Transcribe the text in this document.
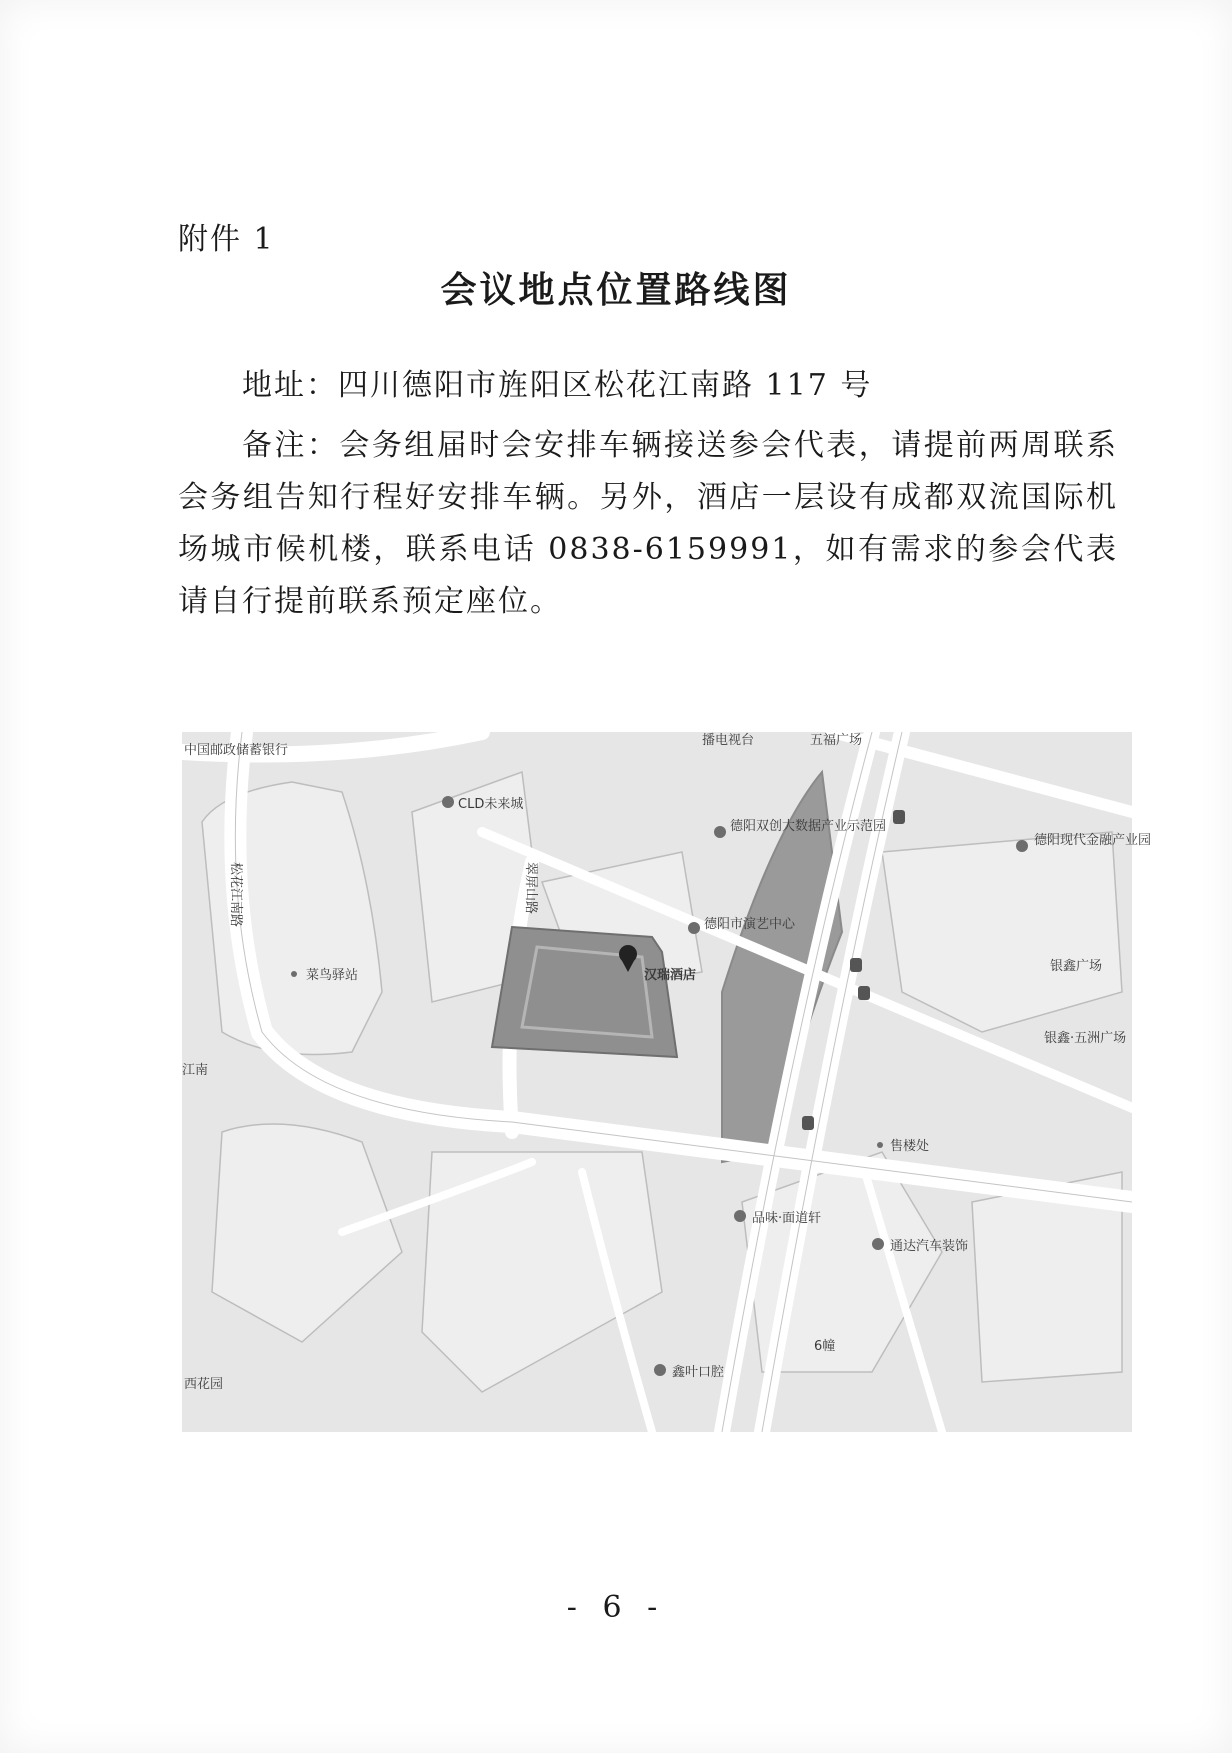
附件 1
会议地点位置路线图
地址：四川德阳市旌阳区松花江南路 117 号
备注：会务组届时会安排车辆接送参会代表，请提前两周联系会务组告知行程好安排车辆。另外，酒店一层设有成都双流国际机场城市候机楼，联系电话 0838-6159991，如有需求的参会代表请自行提前联系预定座位。
汉瑞酒店
中国邮政储蓄银行
CLD未来城
播电视台	五福广场
德阳双创大数据产业示范园
德阳现代金融产业园
松花江南路	翠屏山路
德阳市演艺中心
菜鸟驿站
银鑫广场
银鑫·五洲广场
江南
售楼处
品味·面道轩
通达汽车装饰
6幢
鑫叶口腔
西花园
- 6 -
